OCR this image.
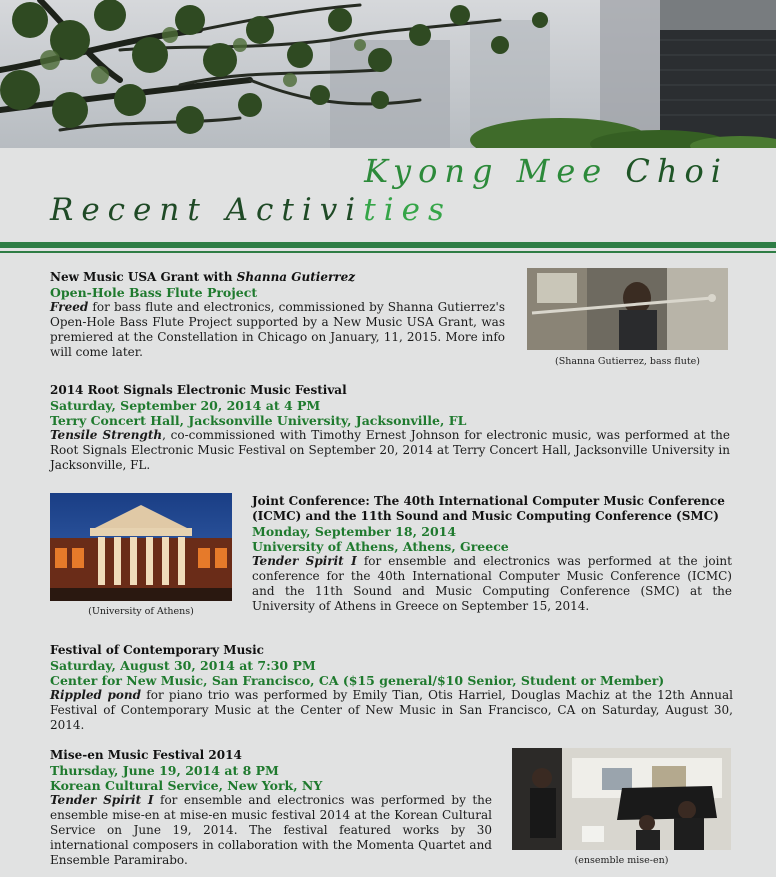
Kyong Mee Choi
Recent Activities
New Music USA Grant with Shanna Gutierrez
Open-Hole Bass Flute Project
Freed for bass flute and electronics, commissioned by Shanna Gutierrez's Open-Hole Bass Flute Project supported by a New Music USA Grant, was premiered at the Constellation in Chicago on January, 11, 2015. More info will come later.
(Shanna Gutierrez, bass flute)
2014 Root Signals Electronic Music Festival
Saturday, September 20, 2014 at 4 PM
Terry Concert Hall, Jacksonville University, Jacksonville, FL
Tensile Strength, co-commissioned with Timothy Ernest Johnson for electronic music, was performed at the Root Signals Electronic Music Festival on September 20, 2014 at Terry Concert Hall, Jacksonville University in Jacksonville, FL.
(University of Athens)
Joint Conference: The 40th International Computer Music Conference (ICMC) and the 11th Sound and Music Computing Conference (SMC)
Monday, September 18, 2014
University of Athens, Athens, Greece
Tender Spirit I for ensemble and electronics was performed at the joint conference for the 40th International Computer Music Conference (ICMC) and the 11th Sound and Music Computing Conference (SMC) at the University of Athens in Greece on September 15, 2014.
Festival of Contemporary Music
Saturday, August 30, 2014 at 7:30 PM
Center for New Music, San Francisco, CA ($15 general/$10 Senior, Student or Member)
Rippled pond for piano trio was performed by Emily Tian, Otis Harriel, Douglas Machiz at the 12th Annual Festival of Contemporary Music at the Center of New Music in San Francisco, CA on Saturday, August 30, 2014.
Mise-en Music Festival 2014
Thursday, June 19, 2014 at 8 PM
Korean Cultural Service, New York, NY
Tender Spirit I for ensemble and electronics was performed by the ensemble mise-en at mise-en music festival 2014 at the Korean Cultural Service on June 19, 2014. The festival featured works by 30 international composers in collaboration with the Momenta Quartet and Ensemble Paramirabo.	(ensemble mise-en)
